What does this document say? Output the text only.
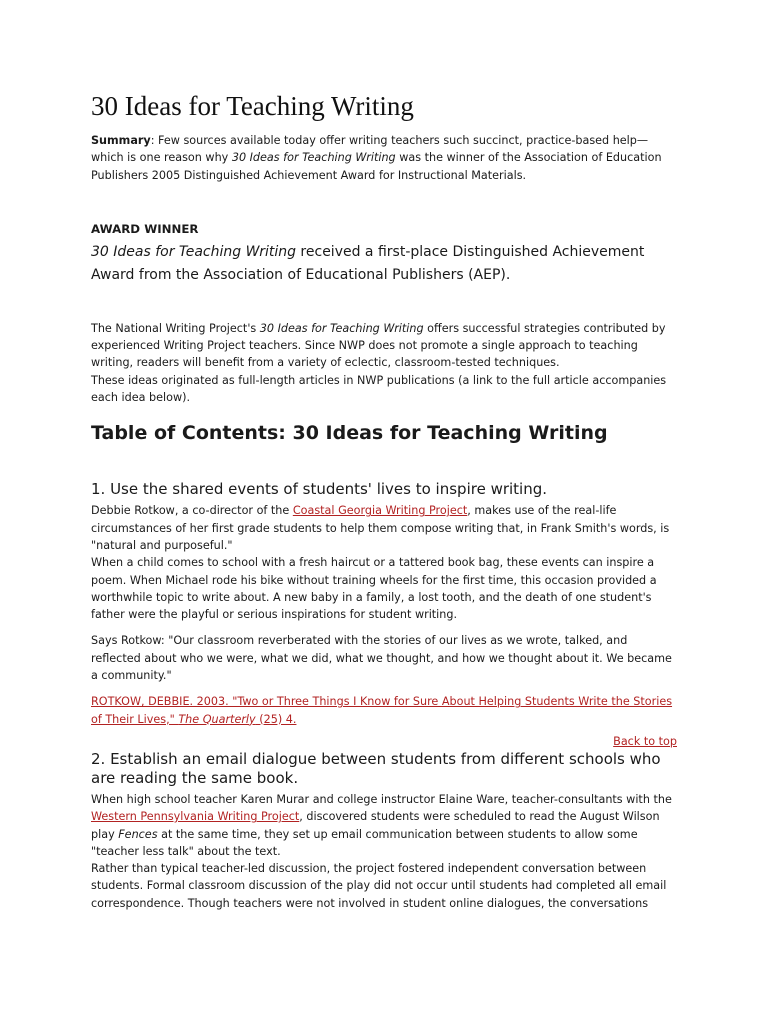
30 Ideas for Teaching Writing

Summary: Few sources available today offer writing teachers such succinct, practice-based help—which is one reason why 30 Ideas for Teaching Writing was the winner of the Association of Education Publishers 2005 Distinguished Achievement Award for Instructional Materials.

AWARD WINNER

30 Ideas for Teaching Writing received a first-place Distinguished Achievement Award from the Association of Educational Publishers (AEP).

The National Writing Project's 30 Ideas for Teaching Writing offers successful strategies contributed by experienced Writing Project teachers. Since NWP does not promote a single approach to teaching writing, readers will benefit from a variety of eclectic, classroom-tested techniques.
These ideas originated as full-length articles in NWP publications (a link to the full article accompanies each idea below).

Table of Contents: 30 Ideas for Teaching Writing
1. Use the shared events of students' lives to inspire writing.

Debbie Rotkow, a co-director of the Coastal Georgia Writing Project, makes use of the real-life circumstances of her first grade students to help them compose writing that, in Frank Smith's words, is "natural and purposeful."
When a child comes to school with a fresh haircut or a tattered book bag, these events can inspire a poem. When Michael rode his bike without training wheels for the first time, this occasion provided a worthwhile topic to write about. A new baby in a family, a lost tooth, and the death of one student's father were the playful or serious inspirations for student writing.

Says Rotkow: "Our classroom reverberated with the stories of our lives as we wrote, talked, and reflected about who we were, what we did, what we thought, and how we thought about it. We became a community."

ROTKOW, DEBBIE. 2003. "Two or Three Things I Know for Sure About Helping Students Write the Stories of Their Lives," The Quarterly (25) 4.

Back to top

2. Establish an email dialogue between students from different schools who are reading the same book.

When high school teacher Karen Murar and college instructor Elaine Ware, teacher-consultants with the Western Pennsylvania Writing Project, discovered students were scheduled to read the August Wilson play Fences at the same time, they set up email communication between students to allow some "teacher less talk" about the text.
Rather than typical teacher-led discussion, the project fostered independent conversation between students. Formal classroom discussion of the play did not occur until students had completed all email correspondence. Though teachers were not involved in student online dialogues, the conversations
